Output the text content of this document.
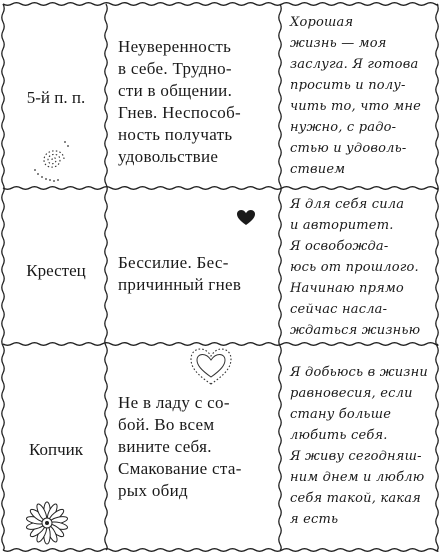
5-й п. п.
Неуверенность
в себе. Трудно-
сти в общении.
Гнев. Неспособ-
ность получать
удовольствие
Хорошая
жизнь — моя
заслуга. Я готова
просить и полу-
чить то, что мне
нужно, с радо-
стью и удоволь-
ствием
Крестец Бессилие. Бес-
причинный гнев
Я для себя сила
и авторитет.
Я освобожда-
юсь от прошлого.
Начинаю прямо
сейчас насла-
ждаться жизнью
Копчик
Не в ладу с со-
бой. Во всем
вините себя.
Смакование ста-
рых обид
Я добьюсь в жизни
равновесия, если
стану больше
любить себя.
Я живу сегодняш-
ним днем и люблю
себя такой, какая
я есть
